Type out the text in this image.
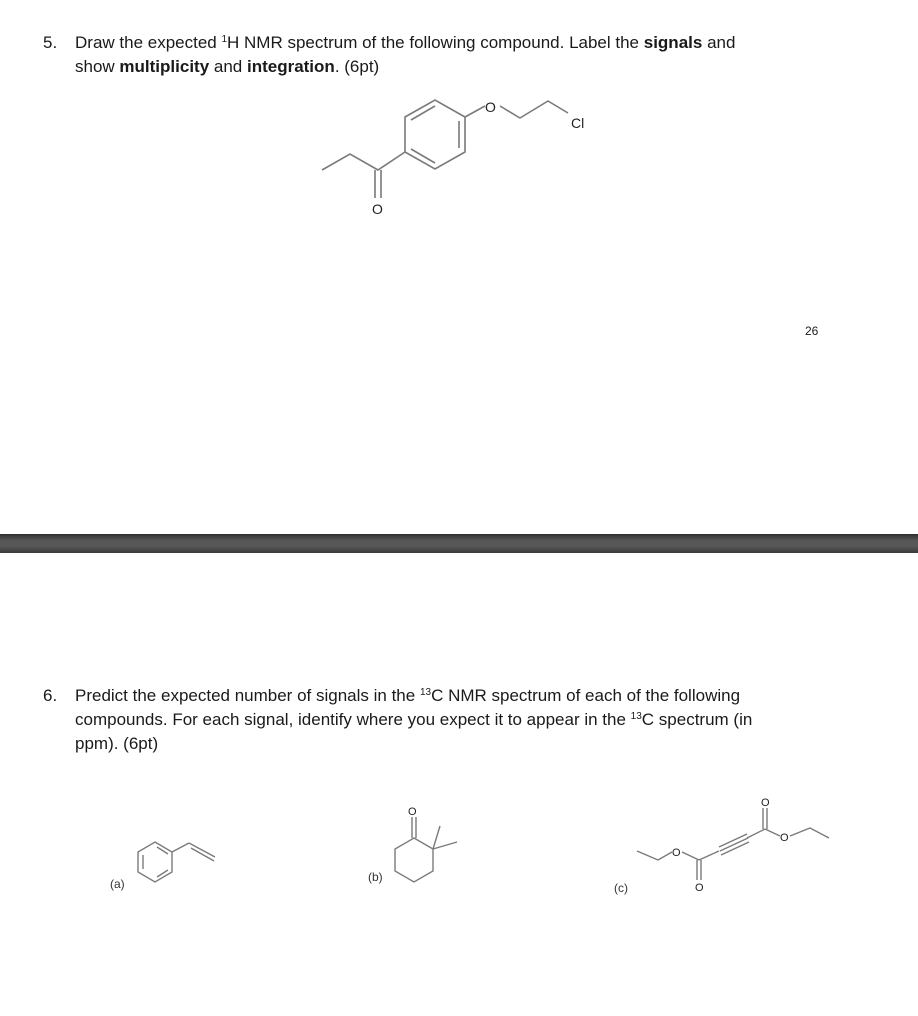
5. Draw the expected $^1$H NMR spectrum of the following compound. Label the signals and
show multiplicity and integration. (6pt)
O
Cl
O
O
O
O
O
O
26
6. Predict the expected number of signals in the $^{13}$C NMR spectrum of each of the following
compounds. For each signal, identify where you expect it to appear in the $^{13}$C spectrum (in
ppm). (6pt)
(a)	(b)
(c)
